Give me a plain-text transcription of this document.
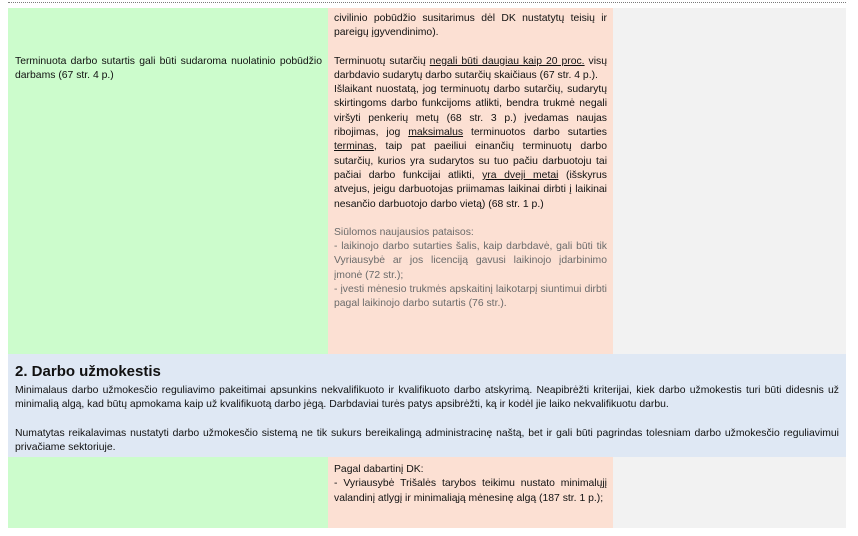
Terminuota darbo sutartis gali būti sudaroma nuolatinio pobūdžio darbams (67 str. 4 p.)

civilinio pobūdžio susitarimus dėl DK nustatytų teisių ir pareigų įgyvendinimo).

Terminuotų sutarčių negali būti daugiau kaip 20 proc. visų darbdavio sudarytų darbo sutarčių skaičiaus (67 str. 4 p.).

Išlaikant nuostatą, jog terminuotų darbo sutarčių, sudarytų skirtingoms darbo funkcijoms atlikti, bendra trukmė negali viršyti penkerių metų (68 str. 3 p.) įvedamas naujas ribojimas, jog maksimalus terminuotos darbo sutarties terminas, taip pat paeiliui einančių terminuotų darbo sutarčių, kurios yra sudarytos su tuo pačiu darbuotoju tai pačiai darbo funkcijai atlikti, yra dveji metai (išskyrus atvejus, jeigu darbuotojas priimamas laikinai dirbti į laikinai nesančio darbuotojo darbo vietą) (68 str. 1 p.)

Siūlomos naujausios pataisos:

- laikinojo darbo sutarties šalis, kaip darbdavė, gali būti tik Vyriausybė ar jos licenciją gavusi laikinojo įdarbinimo įmonė (72 str.);

- įvesti mėnesio trukmės apskaitinį laikotarpį siuntimui dirbti pagal laikinojo darbo sutartis (76 str.).

2. Darbo užmokestis

Minimalaus darbo užmokesčio reguliavimo pakeitimai apsunkins nekvalifikuoto ir kvalifikuoto darbo atskyrimą. Neapibrėžti kriterijai, kiek darbo užmokestis turi būti didesnis už minimalią algą, kad būtų apmokama kaip už kvalifikuotą darbo jėgą. Darbdaviai turės patys apsibrėžti, ką ir kodėl jie laiko nekvalifikuotu darbu.

Numatytas reikalavimas nustatyti darbo užmokesčio sistemą ne tik sukurs bereikalingą administracinę naštą, bet ir gali būti pagrindas tolesniam darbo užmokesčio reguliavimui privačiame sektoriuje.

Pagal dabartinį DK:

- Vyriausybė Trišalės tarybos teikimu nustato minimalųjį valandinį atlygį ir minimaliąją mėnesinę algą (187 str. 1 p.);
